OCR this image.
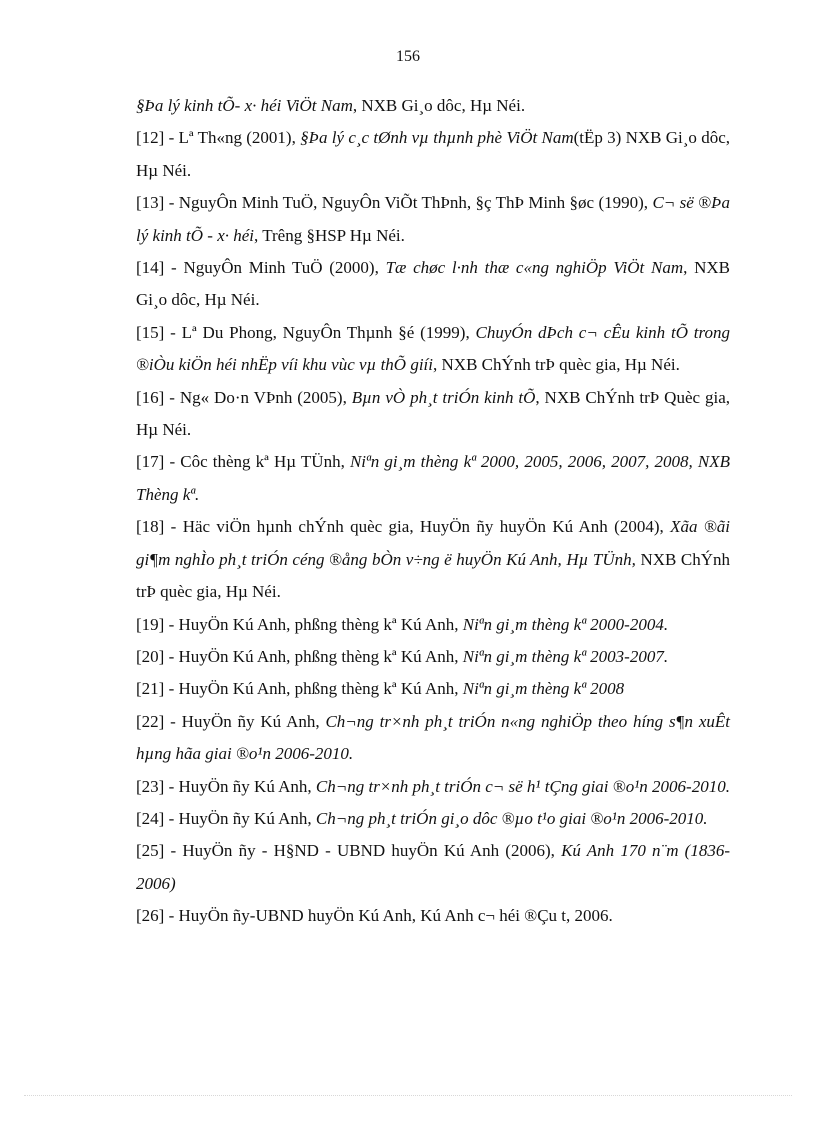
156

§Þa lý kinh tÕ- x· héi ViÖt Nam, NXB Gi¸o dôc, Hµ Néi.

[12] - Lª Th«ng (2001), §Þa lý c¸c tØnh vµ thµnh phè ViÖt Nam(tËp 3) NXB Gi¸o dôc, Hµ Néi.

[13] - NguyÔn Minh TuÖ, NguyÔn ViÕt ThÞnh, §ç ThÞ Minh §øc (1990), C¬ së ®Þa lý kinh tÕ - x· héi, Trêng §HSP Hµ Néi.

[14] - NguyÔn Minh TuÖ (2000), Tæ chøc l·nh thæ c«ng nghiÖp ViÖt Nam, NXB Gi¸o dôc, Hµ Néi.

[15] - Lª Du Phong, NguyÔn Thµnh §é (1999), ChuyÓn dÞch c¬ cÊu kinh tÕ trong ®iÒu kiÖn héi nhËp víi khu vùc vµ thÕ giíi, NXB ChÝnh trÞ quèc gia, Hµ Néi.

[16] - Ng« Do·n VÞnh (2005), Bµn vÒ ph¸t triÓn kinh tÕ, NXB ChÝnh trÞ Quèc gia, Hµ Néi.

[17] - Côc thèng kª Hµ TÜnh, Niªn gi¸m thèng kª 2000, 2005, 2006, 2007, 2008, NXB Thèng kª.

[18] - Häc viÖn hµnh chÝnh quèc gia, HuyÖn ñy huyÖn Kú Anh (2004), Xãa ®ãi gi¶m nghÌo ph¸t triÓn céng ®ång bÒn v÷ng ë huyÖn Kú Anh, Hµ TÜnh, NXB ChÝnh trÞ quèc gia, Hµ Néi.

[19] - HuyÖn Kú Anh, phßng thèng kª Kú Anh, Niªn gi¸m thèng kª 2000-2004.

[20] - HuyÖn Kú Anh, phßng thèng kª Kú Anh, Niªn gi¸m thèng kª 2003-2007.

[21] - HuyÖn Kú Anh, phßng thèng kª Kú Anh, Niªn gi¸m thèng kª 2008

[22] - HuyÖn ñy Kú Anh, Ch¬ng tr×nh ph¸t triÓn n«ng nghiÖp theo híng s¶n xuÊt hµng hãa giai ®o¹n 2006-2010.

[23] - HuyÖn ñy Kú Anh, Ch¬ng tr×nh ph¸t triÓn c¬ së h¹ tÇng giai ®o¹n 2006-2010.

[24] - HuyÖn ñy Kú Anh, Ch¬ng ph¸t triÓn gi¸o dôc ®µo t¹o giai ®o¹n 2006-2010.

[25] - HuyÖn ñy - H§ND - UBND huyÖn Kú Anh (2006), Kú Anh 170 n¨m (1836-2006)

[26] - HuyÖn ñy-UBND huyÖn Kú Anh, Kú Anh c¬ héi ®Çu t, 2006.
